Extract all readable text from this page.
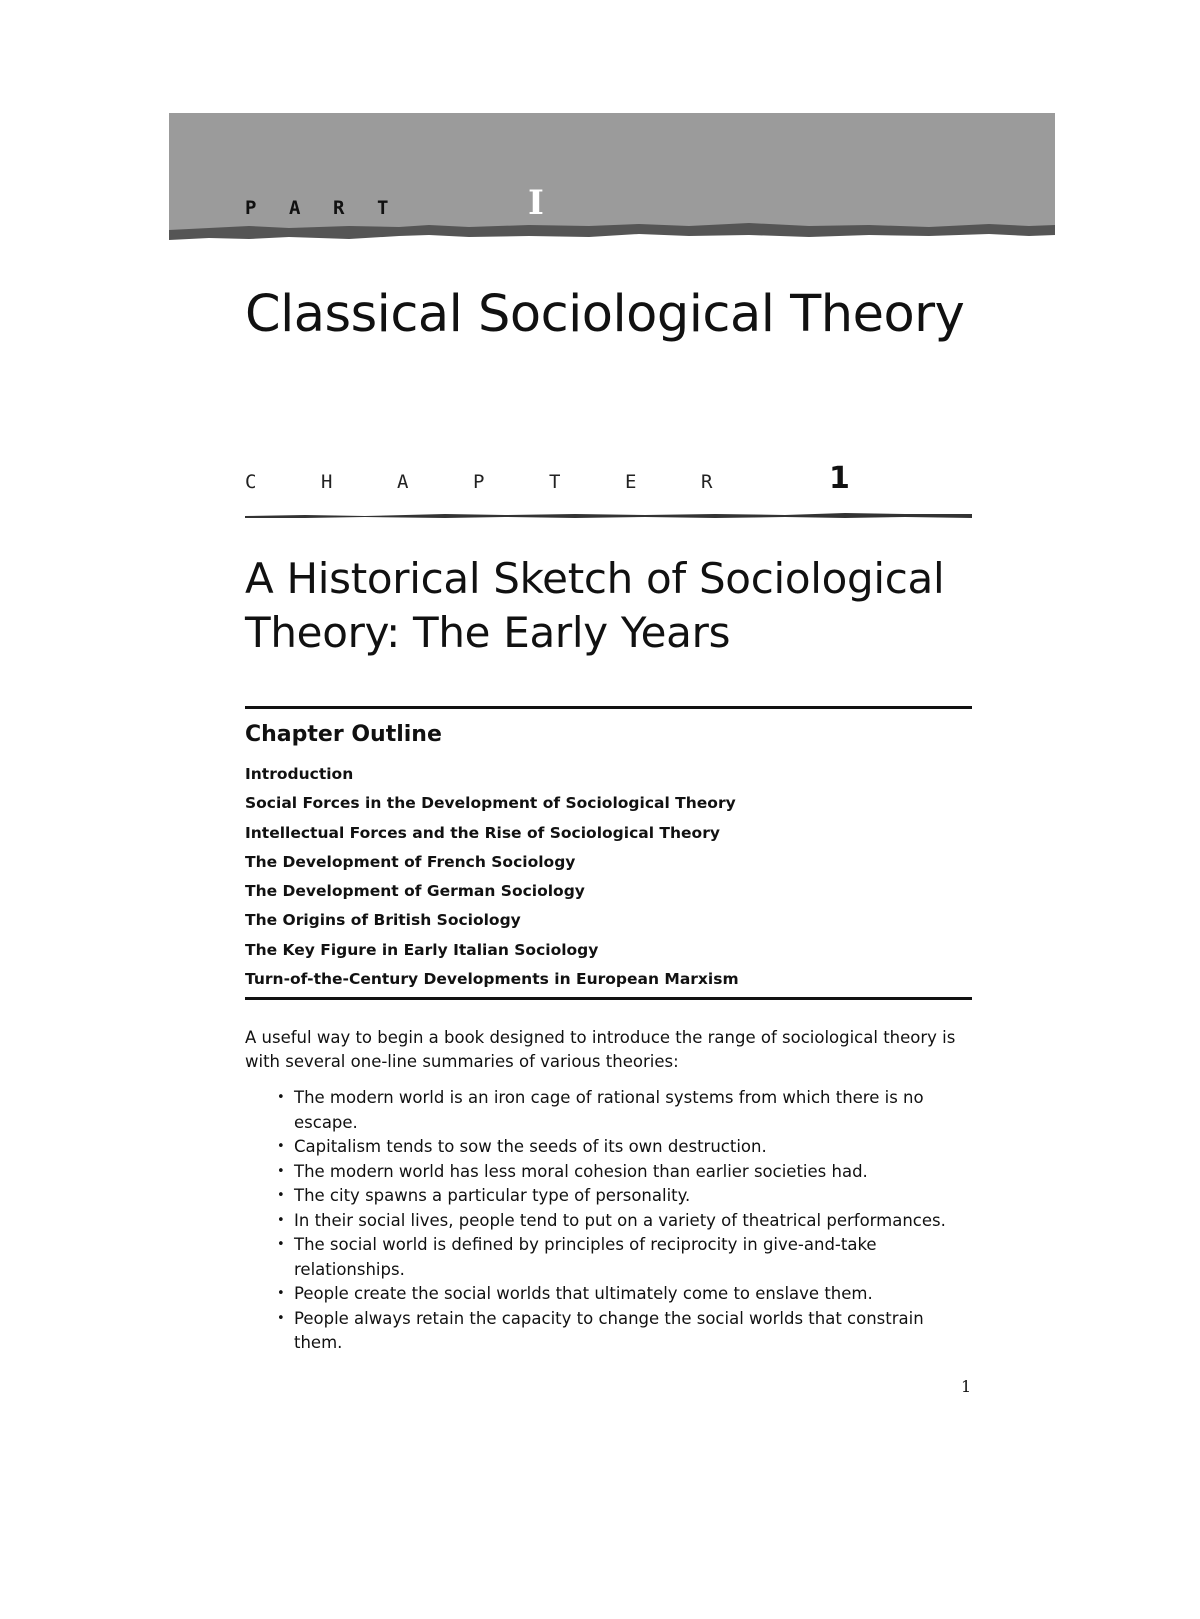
P	A	R	T	I
Classical Sociological Theory
C	H	A	P	T	E	R	1
A Historical Sketch of Sociological
Theory: The Early Years
Chapter Outline
Introduction
Social Forces in the Development of Sociological Theory
Intellectual Forces and the Rise of Sociological Theory
The Development of French Sociology
The Development of German Sociology
The Origins of British Sociology
The Key Figure in Early Italian Sociology
Turn-of-the-Century Developments in European Marxism

A useful way to begin a book designed to introduce the range of sociological theory is with several one-line summaries of various theories:

• The modern world is an iron cage of rational systems from which there is no escape.
• Capitalism tends to sow the seeds of its own destruction.
• The modern world has less moral cohesion than earlier societies had.
• The city spawns a particular type of personality.
• In their social lives, people tend to put on a variety of theatrical performances.
• The social world is defined by principles of reciprocity in give-and-take relationships.
• People create the social worlds that ultimately come to enslave them.
• People always retain the capacity to change the social worlds that constrain them.
1
